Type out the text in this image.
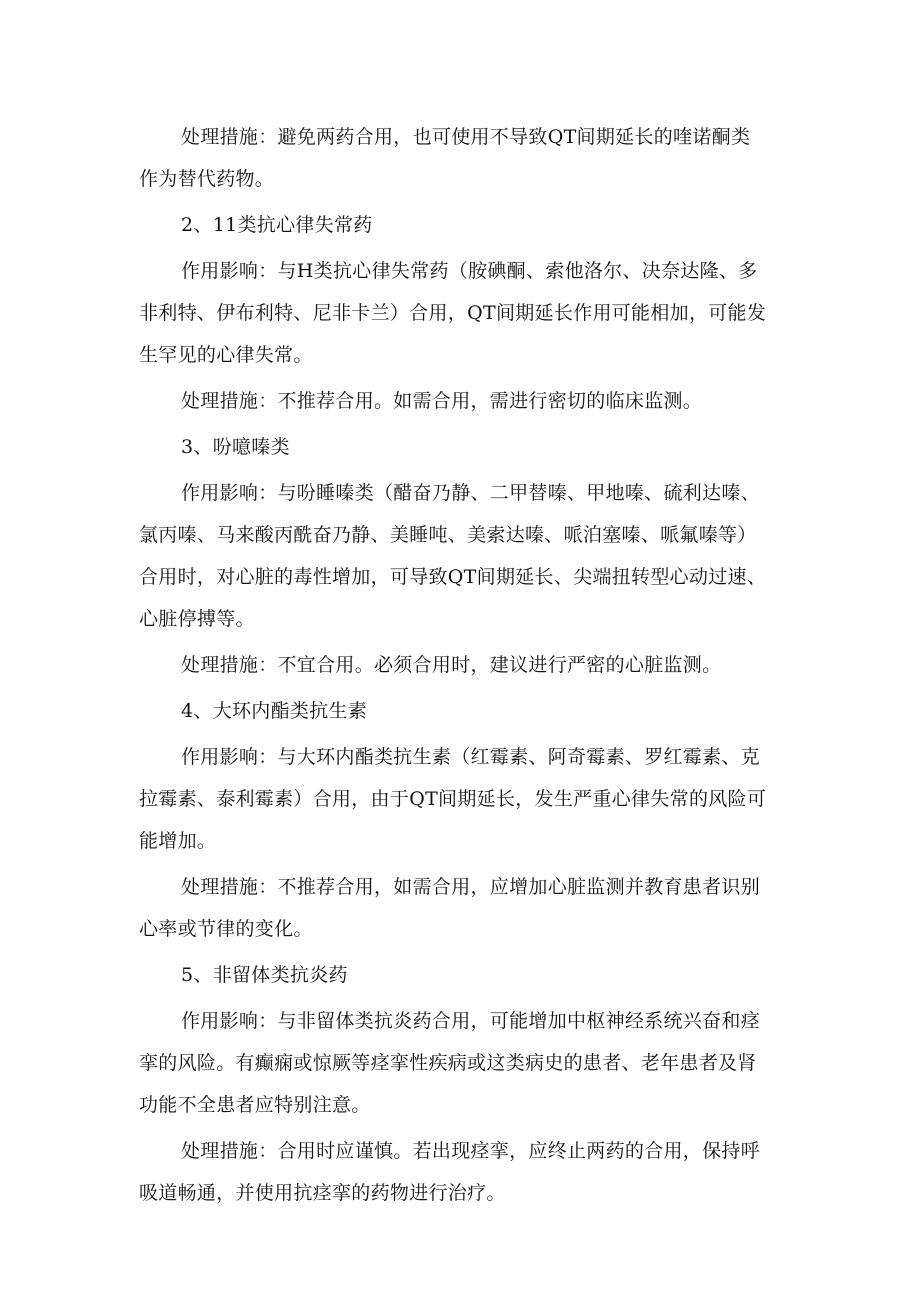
处理措施：避免两药合用，也可使用不导致QT间期延长的喹诺酮类
作为替代药物。
2、11类抗心律失常药
作用影响：与H类抗心律失常药（胺碘酮、索他洛尔、决奈达隆、多
非利特、伊布利特、尼非卡兰）合用，QT间期延长作用可能相加，可能发
生罕见的心律失常。
处理措施：不推荐合用。如需合用，需进行密切的临床监测。
3、吩噫嗪类
作用影响：与吩睡嗪类（醋奋乃静、二甲替嗪、甲地嗪、硫利达嗪、
氯丙嗪、马来酸丙酰奋乃静、美睡吨、美索达嗪、哌泊塞嗪、哌氟嗪等）
合用时，对心脏的毒性增加，可导致QT间期延长、尖端扭转型心动过速、
心脏停搏等。
处理措施：不宜合用。必须合用时，建议进行严密的心脏监测。
4、大环内酯类抗生素
作用影响：与大环内酯类抗生素（红霉素、阿奇霉素、罗红霉素、克
拉霉素、泰利霉素）合用，由于QT间期延长，发生严重心律失常的风险可
能增加。
处理措施：不推荐合用，如需合用，应增加心脏监测并教育患者识别
心率或节律的变化。
5、非留体类抗炎药
作用影响：与非留体类抗炎药合用，可能增加中枢神经系统兴奋和痉
挛的风险。有癫痫或惊厥等痉挛性疾病或这类病史的患者、老年患者及肾
功能不全患者应特别注意。
处理措施：合用时应谨慎。若出现痉挛，应终止两药的合用，保持呼
吸道畅通，并使用抗痉挛的药物进行治疗。
